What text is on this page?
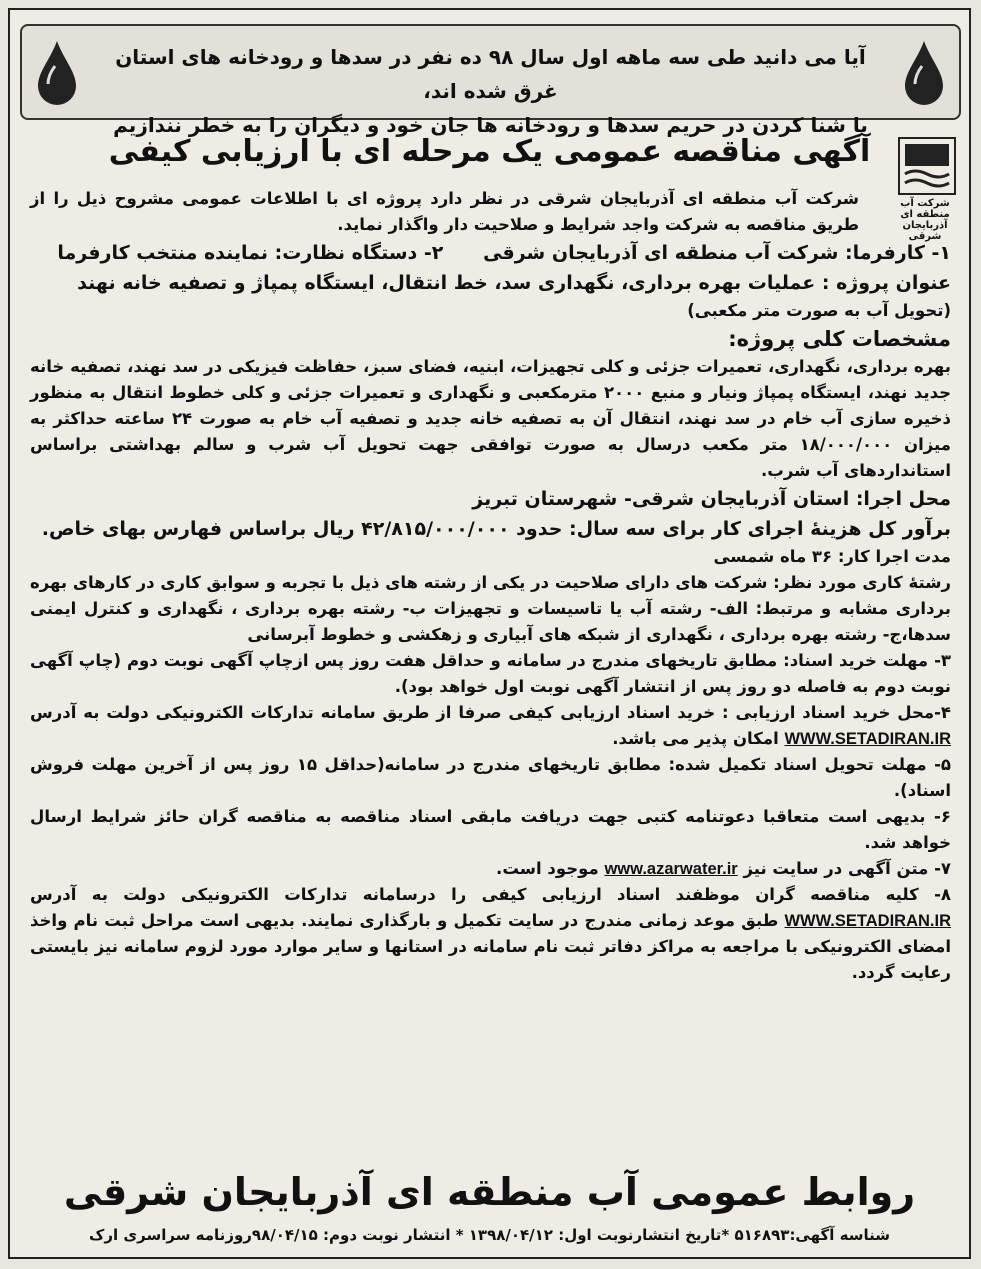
آیا می دانید طی سه ماهه اول سال ۹۸ ده نفر در سدها و رودخانه های استان غرق شده اند،
با شنا کردن در حریم سدها و رودخانه ها جان خود و دیگران را به خطر نندازیم
شرکت آب منطقه ای آذربایجان شرقی
آگهی مناقصه عمومی یک مرحله ای با ارزیابی کیفی

شرکت آب منطقه ای آذربایجان شرقی در نظر دارد پروژه ای با اطلاعات عمومی مشروح ذیل را از طریق مناقصه به شرکت واجد شرایط و صلاحیت دار واگذار نماید.

۱- کارفرما: شرکت آب منطقه ای آذربایجان شرقی      ۲- دستگاه نظارت: نماینده منتخب کارفرما

عنوان پروژه : عملیات بهره برداری، نگهداری سد، خط انتقال، ایستگاه پمپاژ و تصفیه خانه نهند

(تحویل آب به صورت متر مکعبی)

مشخصات کلی پروژه:

بهره برداری، نگهداری، تعمیرات جزئی و کلی تجهیزات، ابنیه، فضای سبز، حفاظت فیزیکی در سد نهند، تصفیه خانه جدید نهند، ایستگاه پمپاژ ونیار و منبع ۲۰۰۰ مترمکعبی و نگهداری و تعمیرات جزئی و کلی خطوط انتقال به منظور ذخیره سازی آب خام در سد نهند، انتقال آن به تصفیه خانه جدید و تصفیه آب خام به صورت ۲۴ ساعته حداکثر به میزان ۱۸/۰۰۰/۰۰۰ متر مکعب درسال به صورت توافقی جهت تحویل آب شرب و سالم بهداشتی براساس استانداردهای آب شرب.

محل اجرا: استان آذربایجان شرقی- شهرستان تبریز

برآور کل هزینهٔ اجرای کار برای سه سال: حدود ۴۲/۸۱۵/۰۰۰/۰۰۰ ریال براساس فهارس بهای خاص.

مدت اجرا کار: ۳۶ ماه شمسی

رشتهٔ کاری مورد نظر: شرکت های دارای صلاحیت در یکی از رشته های ذیل با تجربه و سوابق کاری در کارهای بهره برداری مشابه و مرتبط: الف- رشته آب یا تاسیسات و تجهیزات ب- رشته بهره برداری ، نگهداری و کنترل ایمنی سدها،ج- رشته بهره برداری ، نگهداری از شبکه های آبیاری و زهکشی و خطوط آبرسانی

۳- مهلت خرید اسناد: مطابق تاریخهای مندرج در سامانه و حداقل هفت روز پس ازچاپ آگهی نوبت دوم (چاپ آگهی نوبت دوم به فاصله دو روز پس از انتشار آگهی نوبت اول خواهد بود).

۴-محل خرید اسناد ارزیابی : خرید اسناد ارزیابی کیفی صرفا از طریق سامانه تدارکات الکترونیکی دولت به آدرس WWW.SETADIRAN.IR امکان پذیر می باشد.

۵- مهلت تحویل اسناد تکمیل شده: مطابق تاریخهای مندرج در سامانه(حداقل ۱۵ روز پس از آخرین مهلت فروش اسناد).

۶- بدیهی است متعاقبا دعوتنامه کتبی جهت دریافت مابقی اسناد مناقصه به مناقصه گران حائز شرایط ارسال خواهد شد.

۷- متن آگهی در سایت نیز www.azarwater.ir موجود است.

۸- کلیه مناقصه گران موظفند اسناد ارزیابی کیفی را درسامانه تدارکات الکترونیکی دولت به آدرس WWW.SETADIRAN.IR طبق موعد زمانی مندرج در سایت تکمیل و بارگذاری نمایند. بدیهی است مراحل ثبت نام واخذ امضای الکترونیکی با مراجعه به مراکز دفاتر ثبت نام سامانه در استانها و سایر موارد مورد لزوم سامانه نیز بایستی رعایت گردد.

روابط عمومی آب منطقه ای آذربایجان شرقی
شناسه آگهی:۵۱۶۸۹۳ *تاریخ انتشارنوبت اول: ۱۳۹۸/۰۴/۱۲ * انتشار نوبت دوم: ۹۸/۰۴/۱۵روزنامه سراسری ارک
